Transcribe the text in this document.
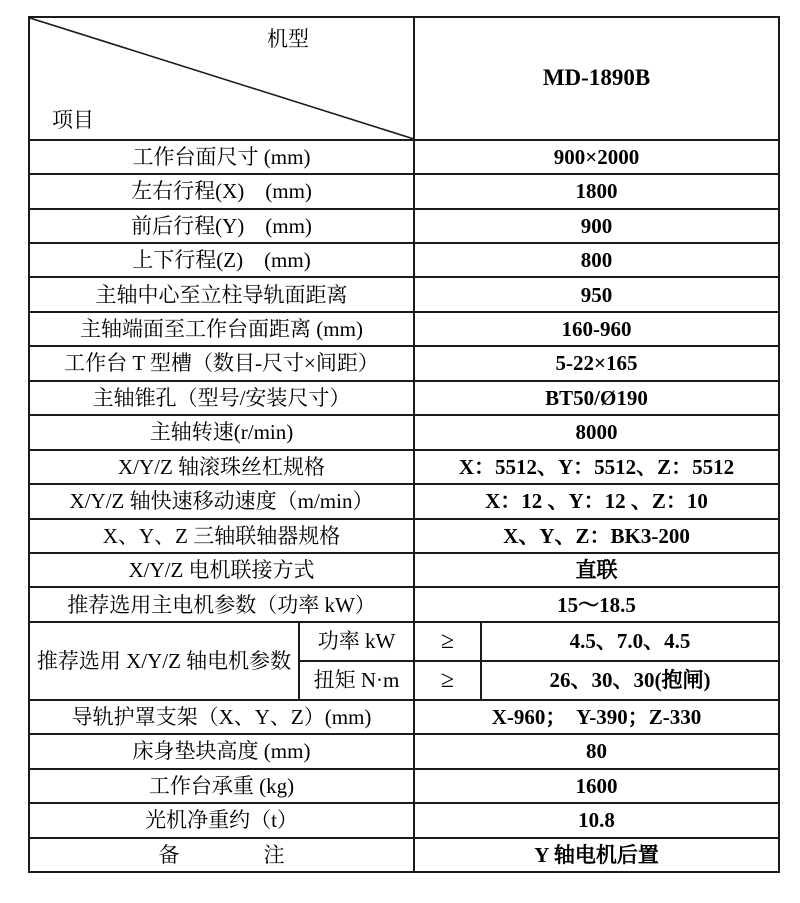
机型

项目		MD-1890B	
工作台面尺寸 (mm)		900×2000	
左右行程(X)　(mm)		1800	
前后行程(Y)　(mm)		900	
上下行程(Z)　(mm)		800	
主轴中心至立柱导轨面距离		950	
主轴端面至工作台面距离 (mm)		160-960	
工作台 T 型槽（数目-尺寸×间距）		5-22×165	
主轴锥孔（型号/安装尺寸）		BT50/Ø190	
主轴转速(r/min)		8000	
X/Y/Z 轴滚珠丝杠规格		X：5512、Y：5512、Z：5512	
X/Y/Z 轴快速移动速度（m/min）		X：12 、Y：12 、Z：10	
X、Y、Z 三轴联轴器规格		X、Y、Z：BK3-200	
X/Y/Z 电机联接方式		直联	
推荐选用主电机参数（功率 kW）		15～18.5	
推荐选用 X/Y/Z 轴电机参数	功率 kW	≥	4.5、7.0、4.5
	扭矩 N·m	≥	26、30、30(抱闸)
导轨护罩支架（X、Y、Z）(mm)		X-960；  Y-390；Z-330	
床身垫块高度 (mm)		80	
工作台承重 (kg)		1600	
光机净重约（t）		10.8	
备　　　　注		Y 轴电机后置	
